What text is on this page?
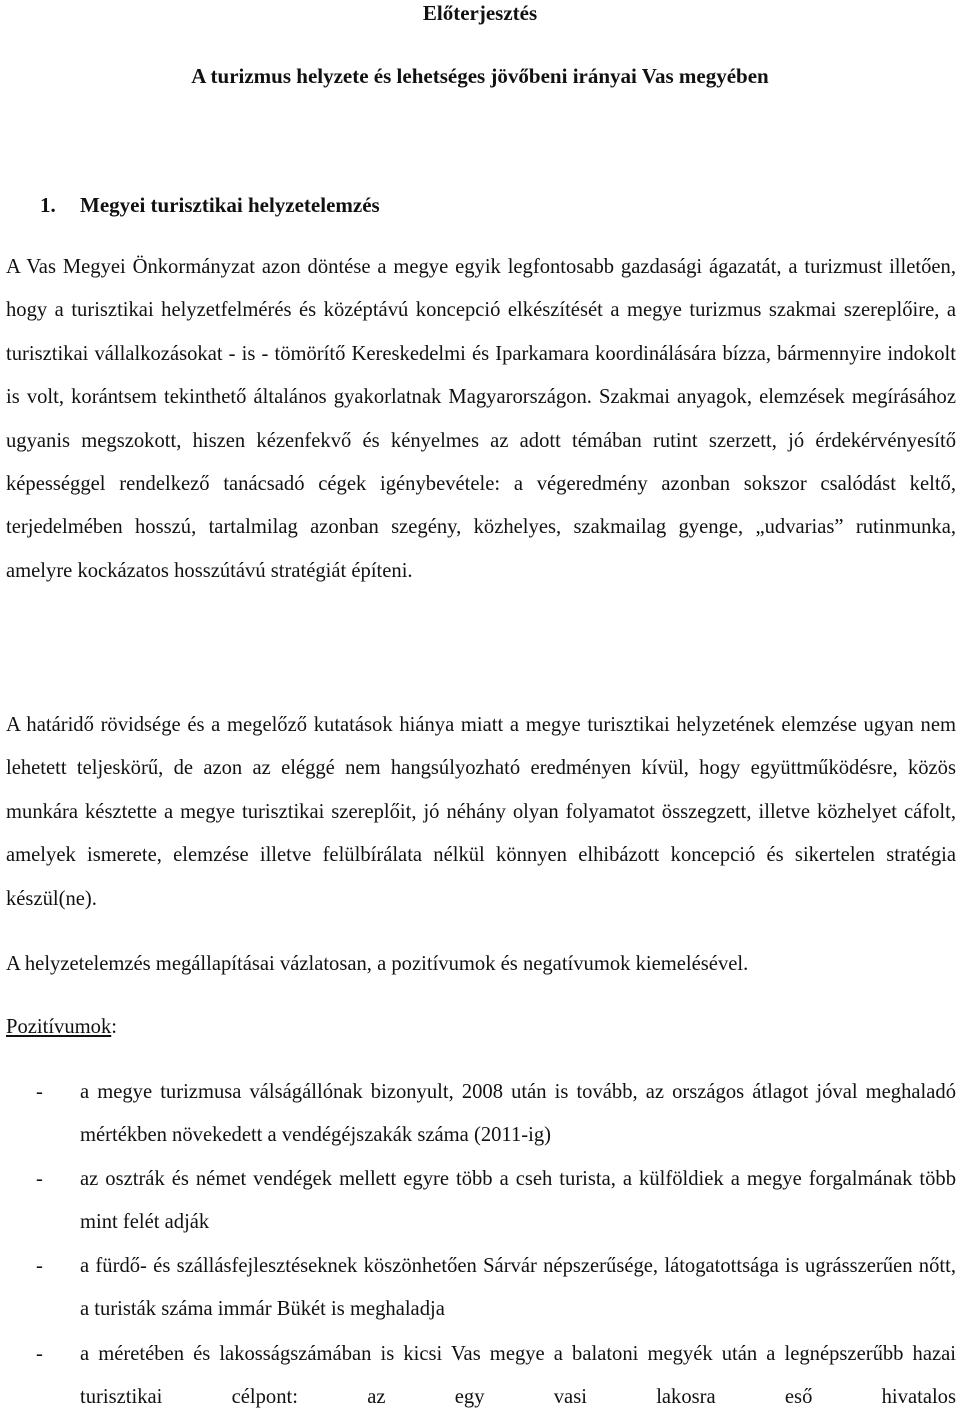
Előterjesztés
A turizmus helyzete és lehetséges jövőbeni irányai Vas megyében
1. Megyei turisztikai helyzetelemzés

A Vas Megyei Önkormányzat azon döntése a megye egyik legfontosabb gazdasági ágazatát, a turizmust illetően, hogy a turisztikai helyzetfelmérés és középtávú koncepció elkészítését a megye turizmus szakmai szereplőire, a turisztikai vállalkozásokat - is - tömörítő Kereskedelmi és Iparkamara koordinálására bízza, bármennyire indokolt is volt, korántsem tekinthető általános gyakorlatnak Magyarországon. Szakmai anyagok, elemzések megírásához ugyanis megszokott, hiszen kézenfekvő és kényelmes az adott témában rutint szerzett, jó érdekérvényesítő képességgel rendelkező tanácsadó cégek igénybevétele: a végeredmény azonban sokszor csalódást keltő, terjedelmében hosszú, tartalmilag azonban szegény, közhelyes, szakmailag gyenge, „udvarias” rutinmunka, amelyre kockázatos hosszútávú stratégiát építeni.

A határidő rövidsége és a megelőző kutatások hiánya miatt a megye turisztikai helyzetének elemzése ugyan nem lehetett teljeskörű, de azon az eléggé nem hangsúlyozható eredményen kívül, hogy együttműködésre, közös munkára késztette a megye turisztikai szereplőit, jó néhány olyan folyamatot összegzett, illetve közhelyet cáfolt, amelyek ismerete, elemzése illetve felülbírálata nélkül könnyen elhibázott koncepció és sikertelen stratégia készül(ne).

A helyzetelemzés megállapításai vázlatosan, a pozitívumok és negatívumok kiemelésével.
Pozitívumok:
- a megye turizmusa válságállónak bizonyult, 2008 után is tovább, az országos átlagot jóval meghaladó mértékben növekedett a vendégéjszakák száma (2011-ig)

- az osztrák és német vendégek mellett egyre több a cseh turista, a külföldiek a megye forgalmának több mint felét adják

- a fürdő- és szállásfejlesztéseknek köszönhetően Sárvár népszerűsége, látogatottsága is ugrásszerűen nőtt, a turisták száma immár Bükét is meghaladja

- a méretében és lakosságszámában is kicsi Vas megye a balatoni megyék után a legnépszerűbb hazai turisztikai célpont: az egy vasi lakosra eső hivatalos
